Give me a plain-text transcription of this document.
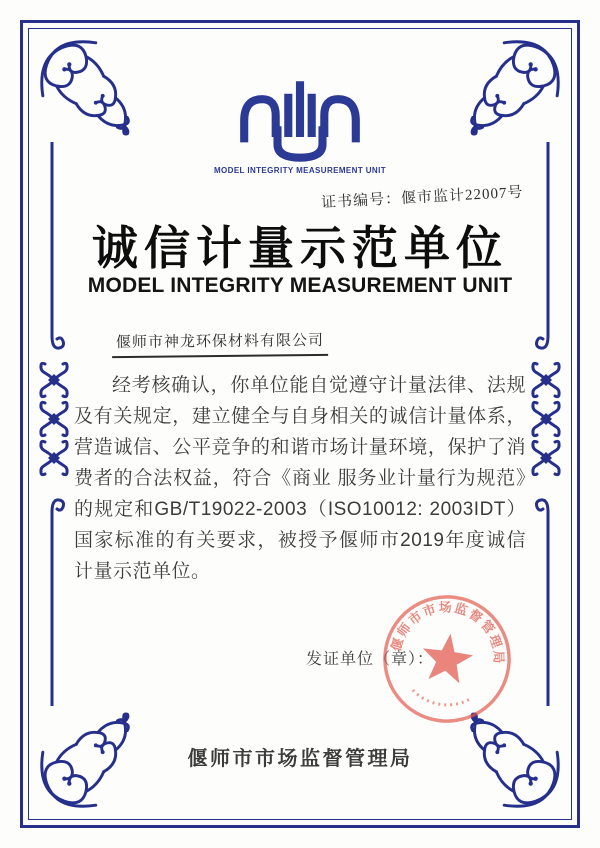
MODEL INTEGRITY MEASUREMENT UNIT
证书编号：偃市监计22007号
诚信计量示范单位
MODEL INTEGRITY MEASUREMENT UNIT
偃师市神龙环保材料有限公司
经考核确认，你单位能自觉遵守计量法律、法规及有关规定，建立健全与自身相关的诚信计量体系，营造诚信、公平竞争的和谐市场计量环境，保护了消费者的合法权益，符合《商业 服务业计量行为规范》的规定和GB/T19022-2003（ISO10012: 2003IDT）国家标准的有关要求，被授予偃师市2019年度诚信计量示范单位。
发证单位（章）：
偃师市市场监督管理局
偃师市市场监督管理局
